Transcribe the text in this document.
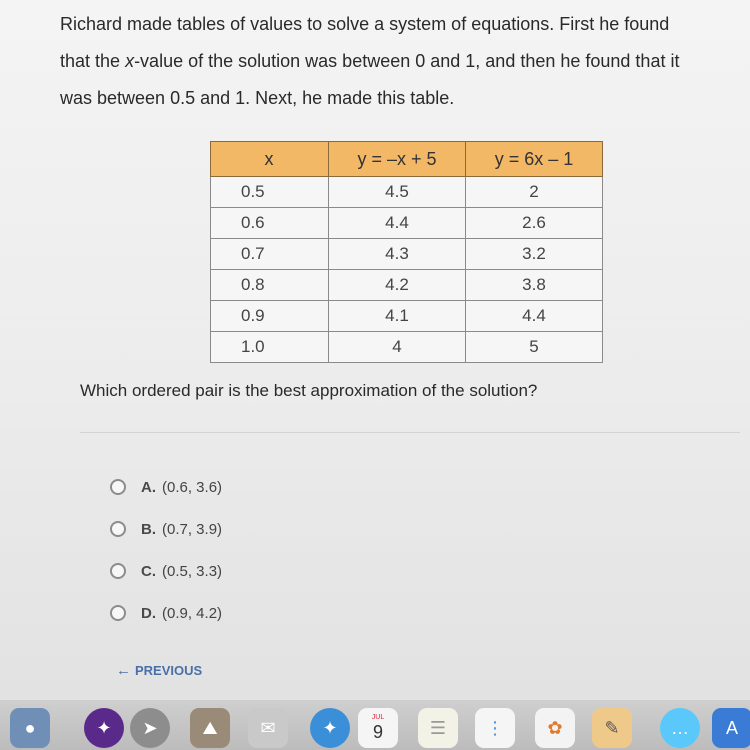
Richard made tables of values to solve a system of equations. First he found
that the x-value of the solution was between 0 and 1, and then he found that it
was between 0.5 and 1. Next, he made this table.
x	y = –x + 5	y = 6x – 1
0.5	4.5	2
0.6	4.4	2.6
0.7	4.3	3.2
0.8	4.2	3.8
0.9	4.1	4.4
1.0	4	5
Which ordered pair is the best approximation of the solution?
A. (0.6, 3.6)
B. (0.7, 3.9)
C. (0.5, 3.3)
D. (0.9, 4.2)
← PREVIOUS
●	✦	➤	⛰	✉	✦	JUL
9	☰	⋮	✿	✎	…	A
